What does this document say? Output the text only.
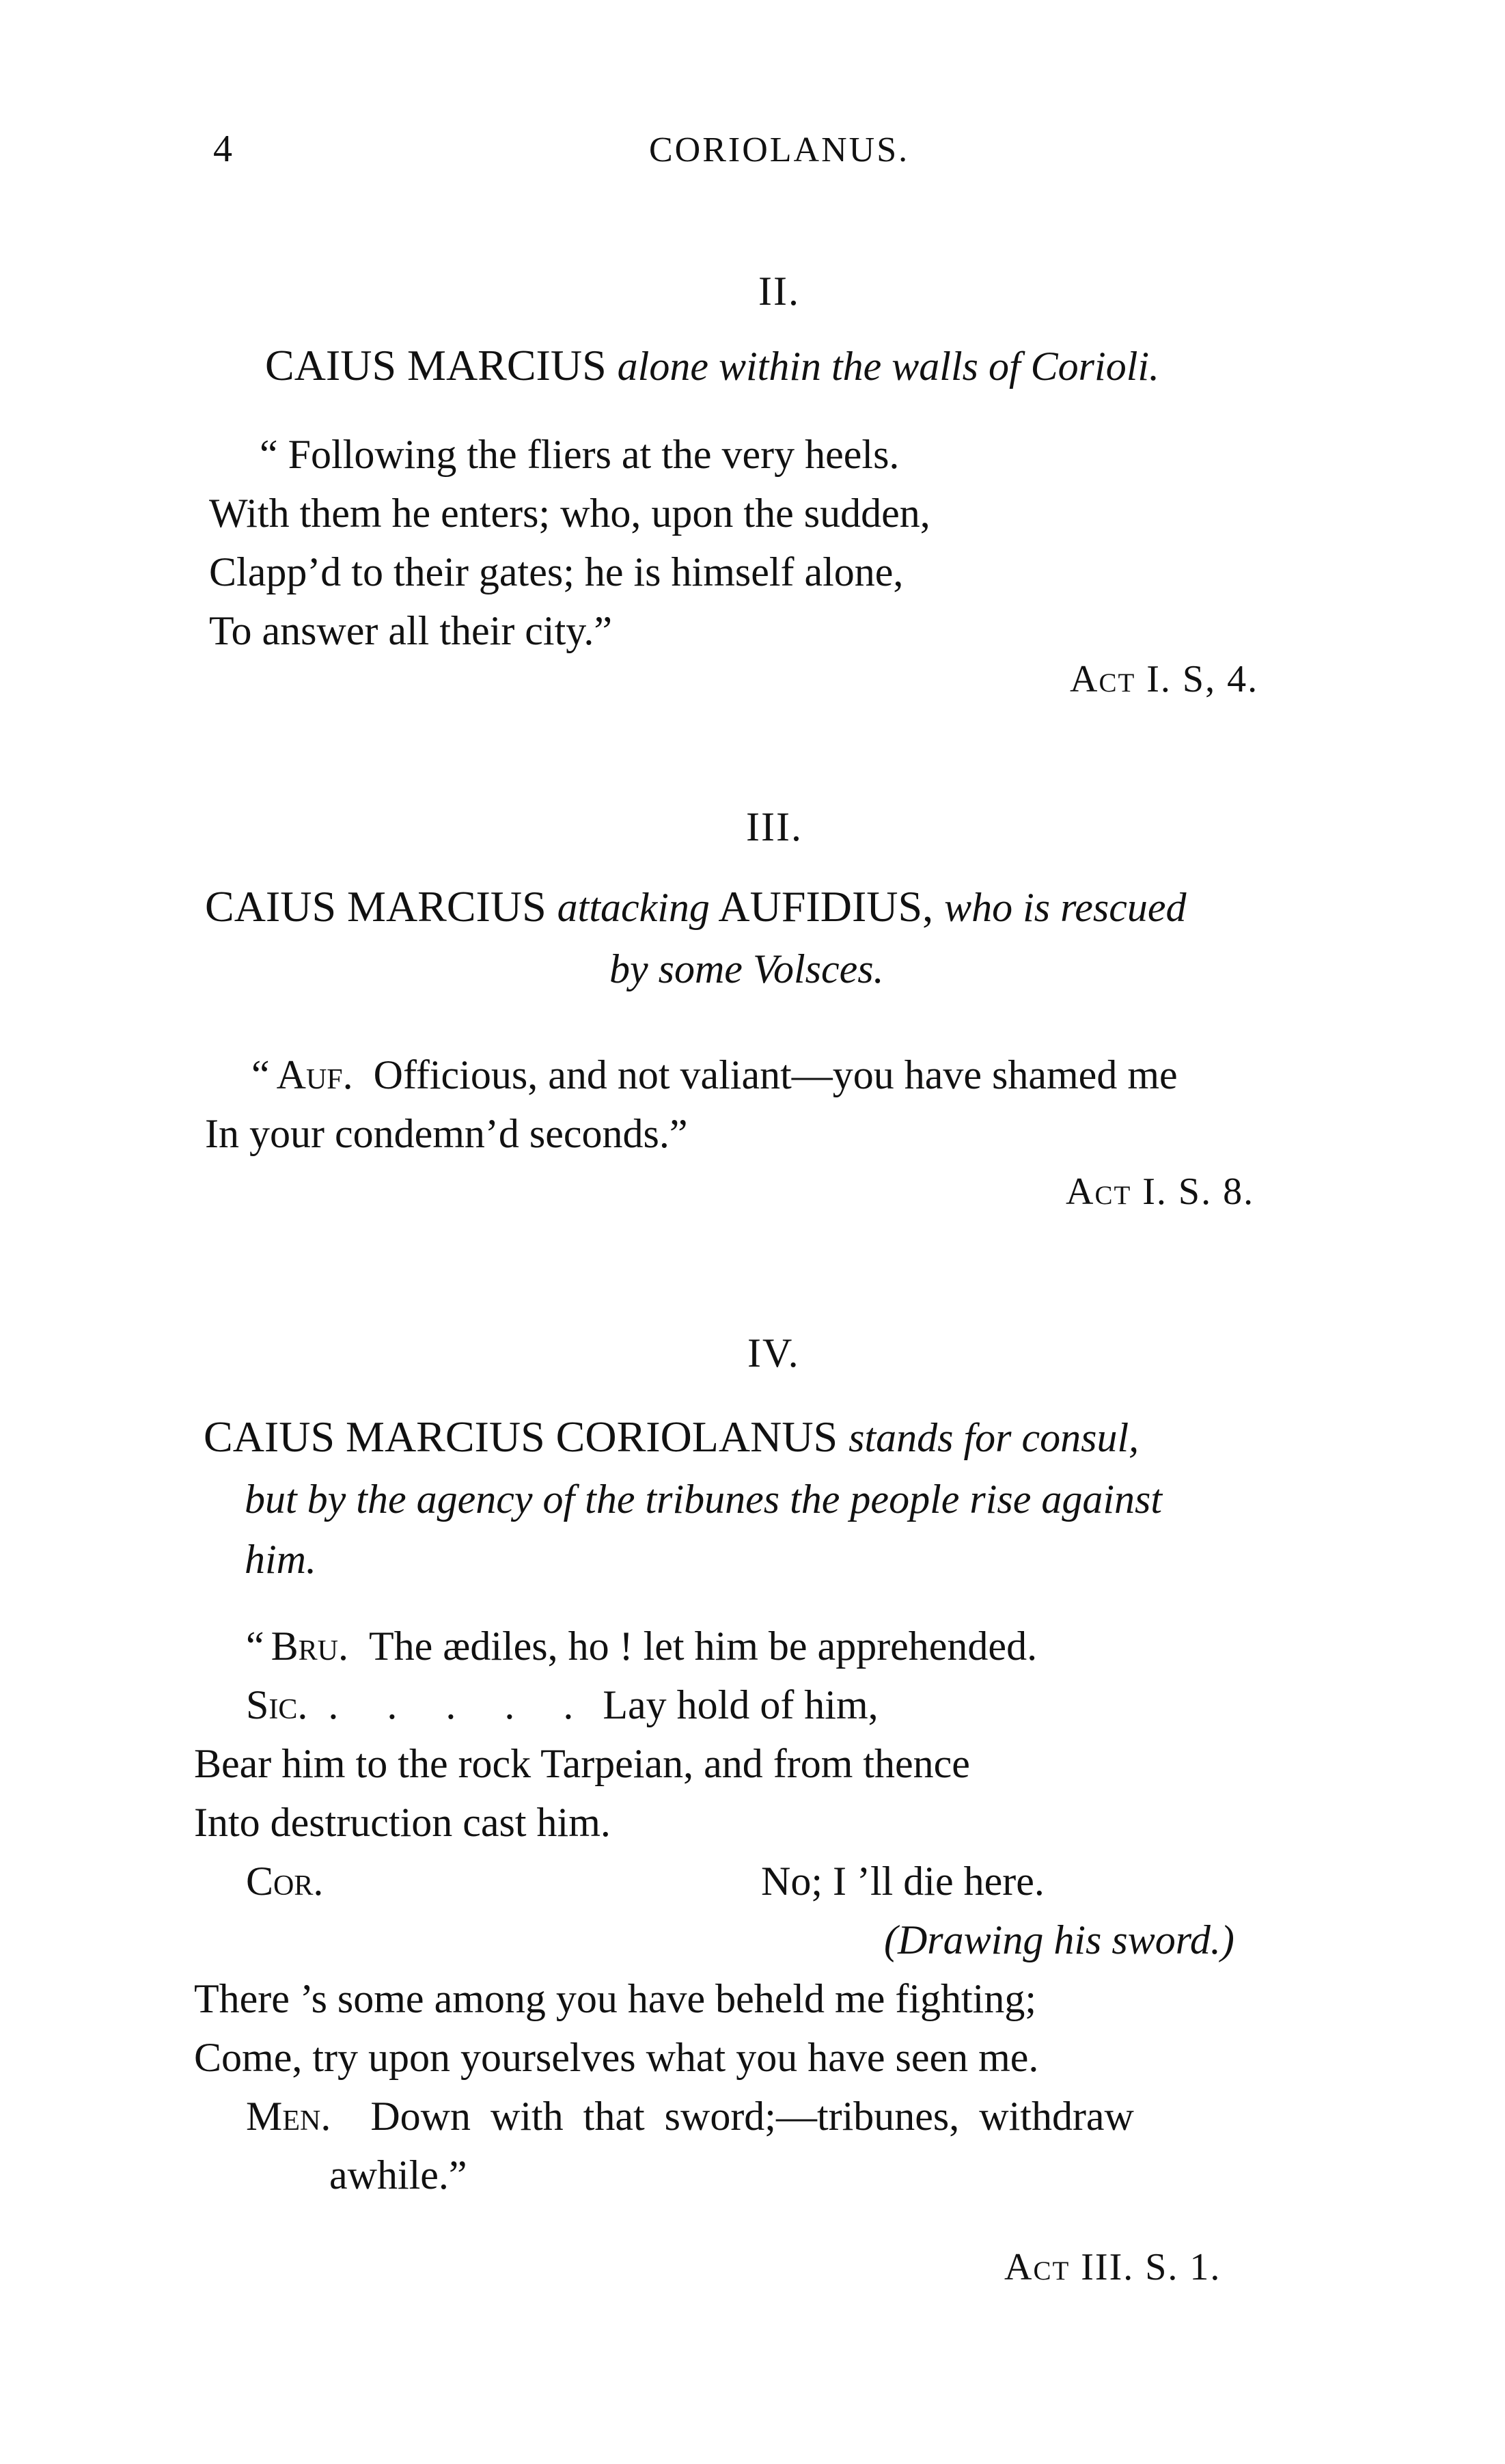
4	CORIOLANUS.
II.
CAIUS MARCIUS alone within the walls of Corioli.
“ Following the fliers at the very heels.
With them he enters; who, upon the sudden,
Clapp’d to their gates; he is himself alone,
To answer all their city.”
Act I. S, 4.
III.
CAIUS MARCIUS attacking AUFIDIUS, who is rescued
by some Volsces.
“ Auf. Officious, and not valiant—you have shamed me
In your condemn’d seconds.”
Act I. S. 8.
IV.
CAIUS MARCIUS CORIOLANUS stands for consul,
but by the agency of the tribunes the people rise against
him.
“ Bru. The ædiles, ho ! let him be apprehended.
Sic. . . . . . Lay hold of him,
Bear him to the rock Tarpeian, and from thence
Into destruction cast him.
Cor.	No; I ’ll die here.
(Drawing his sword.)
There ’s some among you have beheld me fighting;
Come, try upon yourselves what you have seen me.
Men. Down with that sword;—tribunes, withdraw
awhile.”
Act III. S. 1.
